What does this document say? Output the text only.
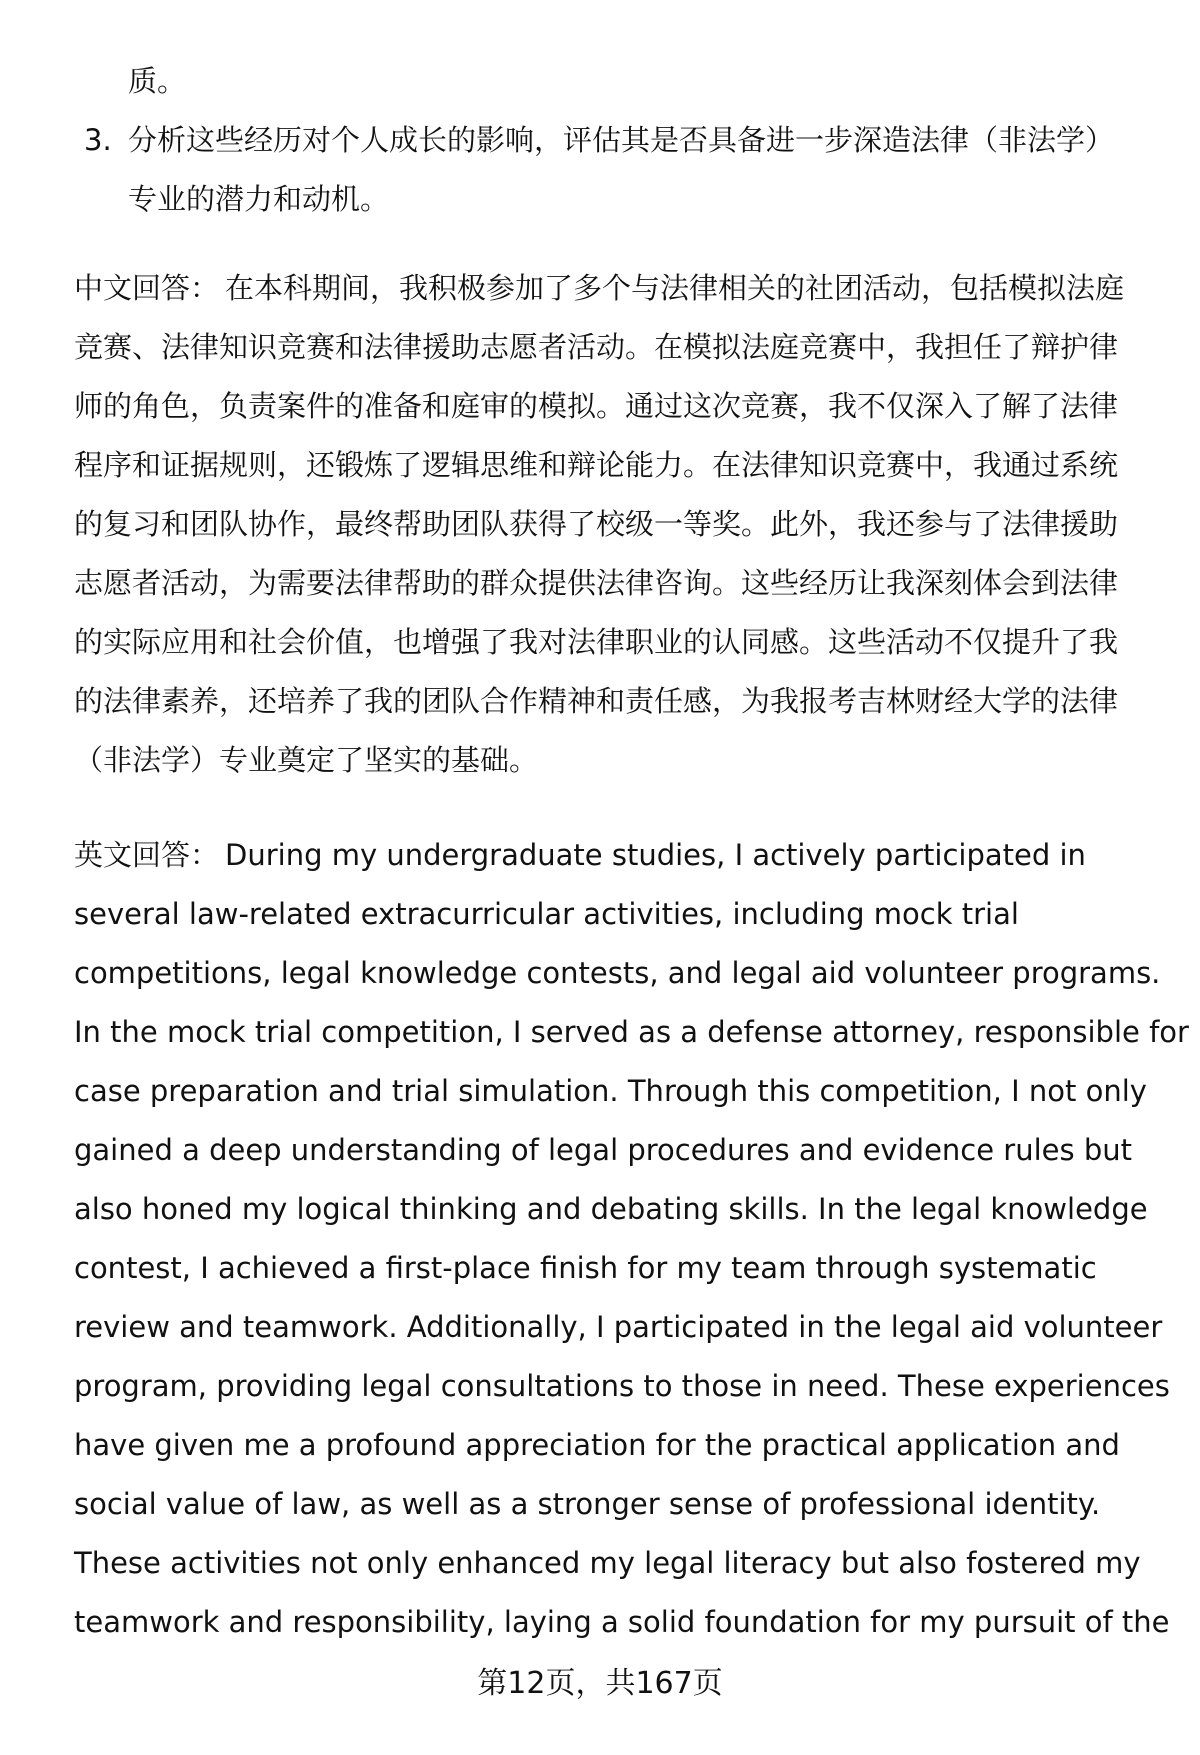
质。
3. 分析这些经历对个人成长的影响，评估其是否具备进一步深造法律（非法学）
专业的潜力和动机。
中文回答： 在本科期间，我积极参加了多个与法律相关的社团活动，包括模拟法庭
竞赛、法律知识竞赛和法律援助志愿者活动。在模拟法庭竞赛中，我担任了辩护律
师的角色，负责案件的准备和庭审的模拟。通过这次竞赛，我不仅深入了解了法律
程序和证据规则，还锻炼了逻辑思维和辩论能力。在法律知识竞赛中，我通过系统
的复习和团队协作，最终帮助团队获得了校级一等奖。此外，我还参与了法律援助
志愿者活动，为需要法律帮助的群众提供法律咨询。这些经历让我深刻体会到法律
的实际应用和社会价值，也增强了我对法律职业的认同感。这些活动不仅提升了我
的法律素养，还培养了我的团队合作精神和责任感，为我报考吉林财经大学的法律
（非法学）专业奠定了坚实的基础。
英文回答： During my undergraduate studies, I actively participated in
several law-related extracurricular activities, including mock trial
competitions, legal knowledge contests, and legal aid volunteer programs.
In the mock trial competition, I served as a defense attorney, responsible for
case preparation and trial simulation. Through this competition, I not only
gained a deep understanding of legal procedures and evidence rules but
also honed my logical thinking and debating skills. In the legal knowledge
contest, I achieved a first-place finish for my team through systematic
review and teamwork. Additionally, I participated in the legal aid volunteer
program, providing legal consultations to those in need. These experiences
have given me a profound appreciation for the practical application and
social value of law, as well as a stronger sense of professional identity.
These activities not only enhanced my legal literacy but also fostered my
teamwork and responsibility, laying a solid foundation for my pursuit of the
第12页，共167页
